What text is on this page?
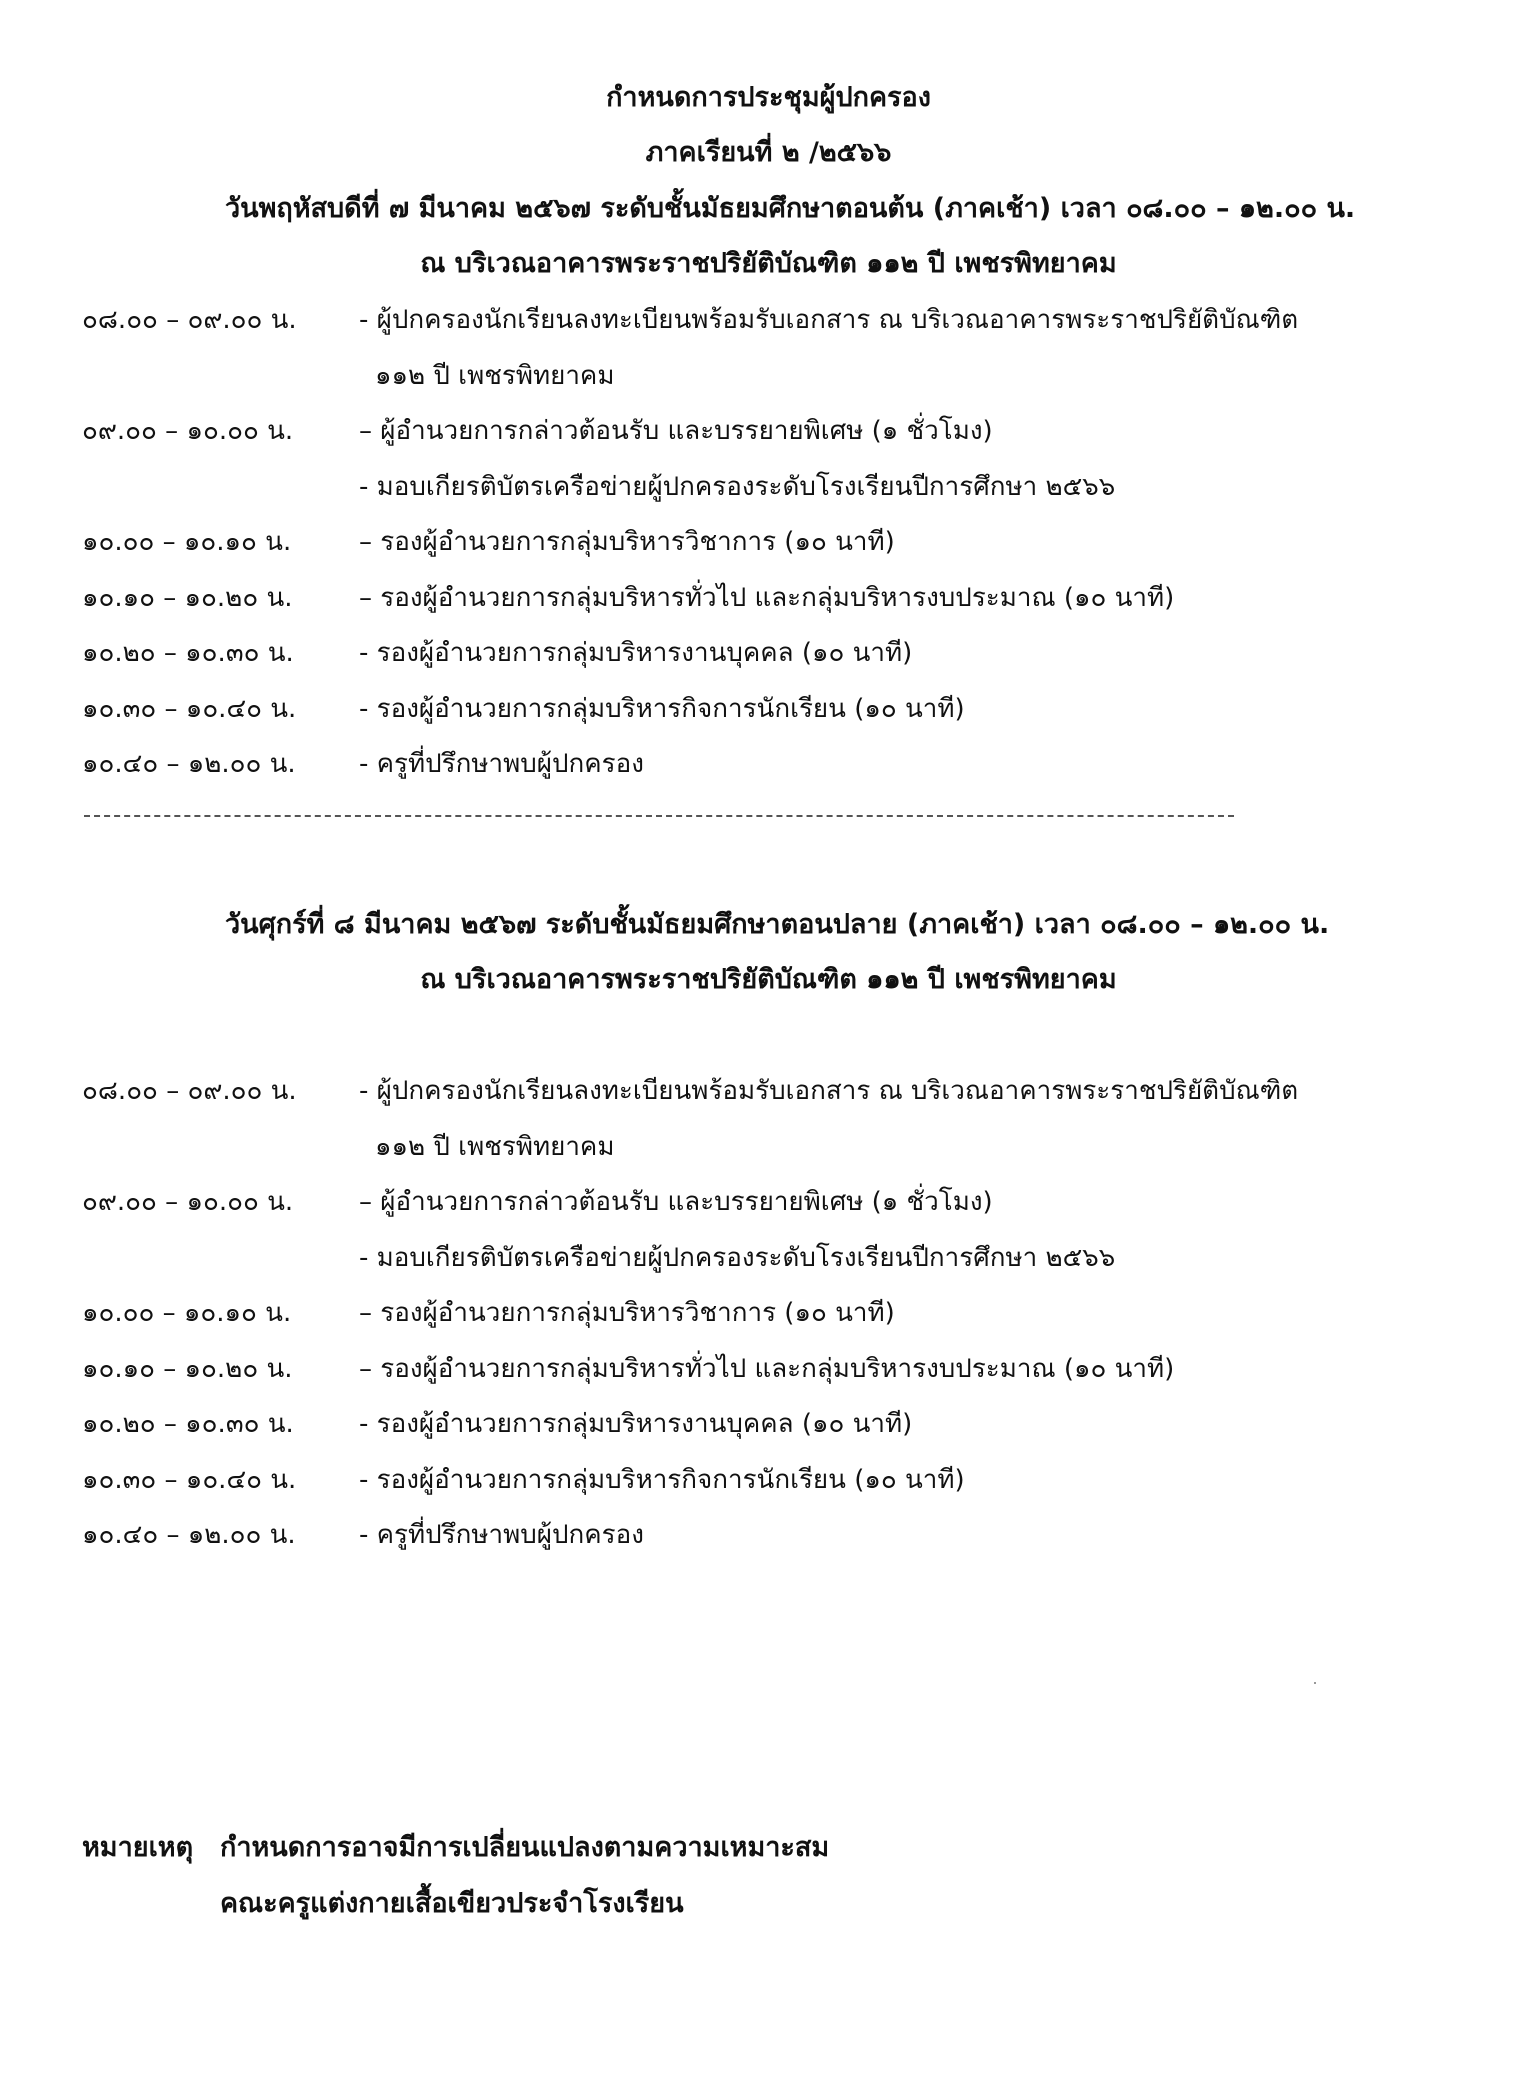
กำหนดการประชุมผู้ปกครอง
ภาคเรียนที่ ๒ /๒๕๖๖
วันพฤหัสบดีที่ ๗ มีนาคม ๒๕๖๗ ระดับชั้นมัธยมศึกษาตอนต้น (ภาคเช้า) เวลา ๐๘.๐๐ – ๑๒.๐๐ น.
ณ บริเวณอาคารพระราชปริยัติบัณฑิต ๑๑๒ ปี เพชรพิทยาคม
๐๘.๐๐ – ๐๙.๐๐ น. - ผู้ปกครองนักเรียนลงทะเบียนพร้อมรับเอกสาร ณ บริเวณอาคารพระราชปริยัติบัณฑิต
๑๑๒ ปี เพชรพิทยาคม
๐๙.๐๐ – ๑๐.๐๐ น.	– ผู้อำนวยการกล่าวต้อนรับ และบรรยายพิเศษ (๑ ชั่วโมง)
- มอบเกียรติบัตรเครือข่ายผู้ปกครองระดับโรงเรียนปีการศึกษา ๒๕๖๖
๑๐.๐๐ – ๑๐.๑๐ น.	– รองผู้อำนวยการกลุ่มบริหารวิชาการ (๑๐ นาที)
๑๐.๑๐ – ๑๐.๒๐ น.	– รองผู้อำนวยการกลุ่มบริหารทั่วไป และกลุ่มบริหารงบประมาณ (๑๐ นาที)
๑๐.๒๐ – ๑๐.๓๐ น.	- รองผู้อำนวยการกลุ่มบริหารงานบุคคล (๑๐ นาที)
๑๐.๓๐ – ๑๐.๔๐ น. - รองผู้อำนวยการกลุ่มบริหารกิจการนักเรียน (๑๐ นาที)
๑๐.๔๐ – ๑๒.๐๐ น. - ครูที่ปรึกษาพบผู้ปกครอง
วันศุกร์ที่ ๘ มีนาคม ๒๕๖๗ ระดับชั้นมัธยมศึกษาตอนปลาย (ภาคเช้า) เวลา ๐๘.๐๐ – ๑๒.๐๐ น.
ณ บริเวณอาคารพระราชปริยัติบัณฑิต ๑๑๒ ปี เพชรพิทยาคม
๐๘.๐๐ – ๐๙.๐๐ น. - ผู้ปกครองนักเรียนลงทะเบียนพร้อมรับเอกสาร ณ บริเวณอาคารพระราชปริยัติบัณฑิต
๑๑๒ ปี เพชรพิทยาคม
๐๙.๐๐ – ๑๐.๐๐ น.	– ผู้อำนวยการกล่าวต้อนรับ และบรรยายพิเศษ (๑ ชั่วโมง)
- มอบเกียรติบัตรเครือข่ายผู้ปกครองระดับโรงเรียนปีการศึกษา ๒๕๖๖
๑๐.๐๐ – ๑๐.๑๐ น.	– รองผู้อำนวยการกลุ่มบริหารวิชาการ (๑๐ นาที)
๑๐.๑๐ – ๑๐.๒๐ น.	– รองผู้อำนวยการกลุ่มบริหารทั่วไป และกลุ่มบริหารงบประมาณ (๑๐ นาที)
๑๐.๒๐ – ๑๐.๓๐ น.	- รองผู้อำนวยการกลุ่มบริหารงานบุคคล (๑๐ นาที)
๑๐.๓๐ – ๑๐.๔๐ น. - รองผู้อำนวยการกลุ่มบริหารกิจการนักเรียน (๑๐ นาที)
๑๐.๔๐ – ๑๒.๐๐ น. - ครูที่ปรึกษาพบผู้ปกครอง
หมายเหตุ กำหนดการอาจมีการเปลี่ยนแปลงตามความเหมาะสม
คณะครูแต่งกายเสื้อเขียวประจำโรงเรียน
